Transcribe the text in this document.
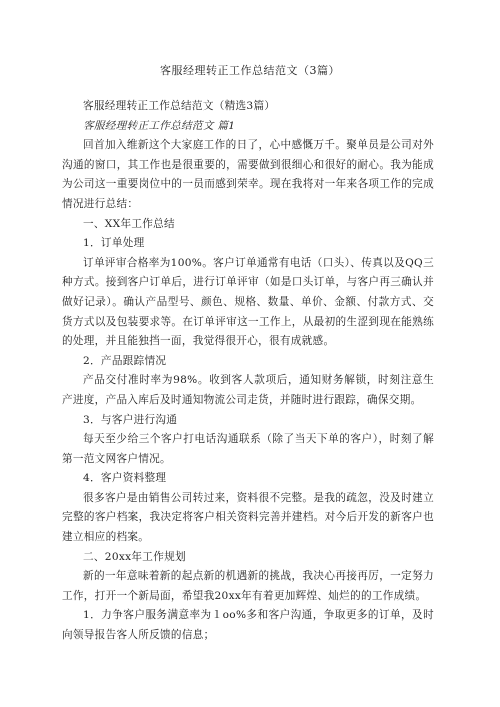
客服经理转正工作总结范文（3篇）

客服经理转正工作总结范文（精选3篇）

客服经理转正工作总结范文 篇1

回首加入维新这个大家庭工作的日了，心中感慨万千。聚单员是公司对外沟通的窗口，其工作也是很重要的，需要做到很细心和很好的耐心。我为能成为公司这一重要岗位中的一员而感到荣幸。现在我将对一年来各项工作的完成情况进行总结：

一、XX年工作总结

1．订单处理

订单评审合格率为100%。客户订单通常有电话（口头）、传真以及QQ三种方式。接到客户订单后，进行订单评审（如是口头订单，与客户再三确认并做好记录）。确认产品型号、颜色、规格、数量、单价、金额、付款方式、交货方式以及包装要求等。在订单评审这一工作上，从最初的生涩到现在能熟练的处理，并且能独挡一面，我觉得很开心，很有成就感。

2．产品跟踪情况

产品交付准时率为98%。收到客人款项后，通知财务解锁，时刻注意生产进度，产品入库后及时通知物流公司走货，并随时进行跟踪，确保交期。

3．与客户进行沟通

每天至少给三个客户打电话沟通联系（除了当天下单的客户），时刻了解第一范文网客户情况。

4．客户资料整理

很多客户是由销售公司转过来，资料很不完整。是我的疏忽，没及时建立完整的客户档案，我决定将客户相关资料完善并建档。对今后开发的新客户也建立相应的档案。

二、20xx年工作规划

新的一年意味着新的起点新的机遇新的挑战，我决心再接再厉，一定努力工作，打开一个新局面，希望我20xx年有着更加辉煌、灿烂的的工作成绩。

1．力争客户服务满意率为１oo%多和客户沟通，争取更多的订单，及时向领导报告客人所反馈的信息；
